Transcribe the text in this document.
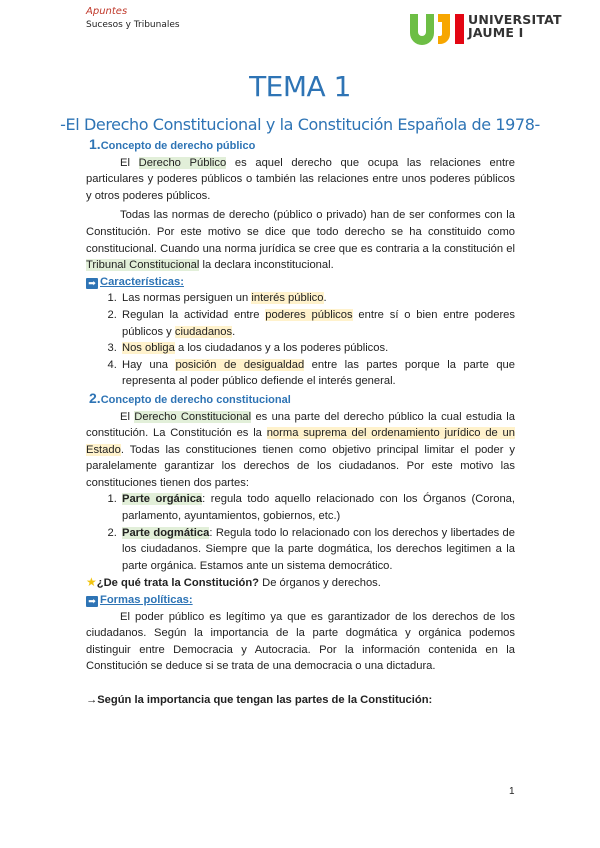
Apuntes
Sucesos y Tribunales	UNIVERSITAT
JAUME I
TEMA 1
-El Derecho Constitucional y la Constitución Española de 1978-
1.Concepto de derecho público

El Derecho Público es aquel derecho que ocupa las relaciones entre particulares y poderes públicos o también las relaciones entre unos poderes públicos y otros poderes públicos.

Todas las normas de derecho (público o privado) han de ser conformes con la Constitución. Por este motivo se dice que todo derecho se ha constituido como constitucional. Cuando una norma jurídica se cree que es contraria a la constitución el Tribunal Constitucional la declara inconstitucional.

➡ Características:
1. Las normas persiguen un interés público.
2. Regulan la actividad entre poderes públicos entre sí o bien entre poderes públicos y ciudadanos.
3. Nos obliga a los ciudadanos y a los poderes públicos.
4. Hay una posición de desigualdad entre las partes porque la parte que representa al poder público defiende el interés general.
2.Concepto de derecho constitucional

El Derecho Constitucional es una parte del derecho público la cual estudia la constitución. La Constitución es la norma suprema del ordenamiento jurídico de un Estado. Todas las constituciones tienen como objetivo principal limitar el poder y paralelamente garantizar los derechos de los ciudadanos. Por este motivo las constituciones tienen dos partes:

1. Parte orgánica: regula todo aquello relacionado con los Órganos (Corona, parlamento, ayuntamientos, gobiernos, etc.)
2. Parte dogmática: Regula todo lo relacionado con los derechos y libertades de los ciudadanos. Siempre que la parte dogmática, los derechos legitimen a la parte orgánica. Estamos ante un sistema democrático.
★¿De qué trata la Constitución? De órganos y derechos.
➡ Formas políticas:

El poder público es legítimo ya que es garantizador de los derechos de los ciudadanos. Según la importancia de la parte dogmática y orgánica podemos distinguir entre Democracia y Autocracia. Por la información contenida en la Constitución se deduce si se trata de una democracia o una dictadura.

→Según la importancia que tengan las partes de la Constitución:
1
